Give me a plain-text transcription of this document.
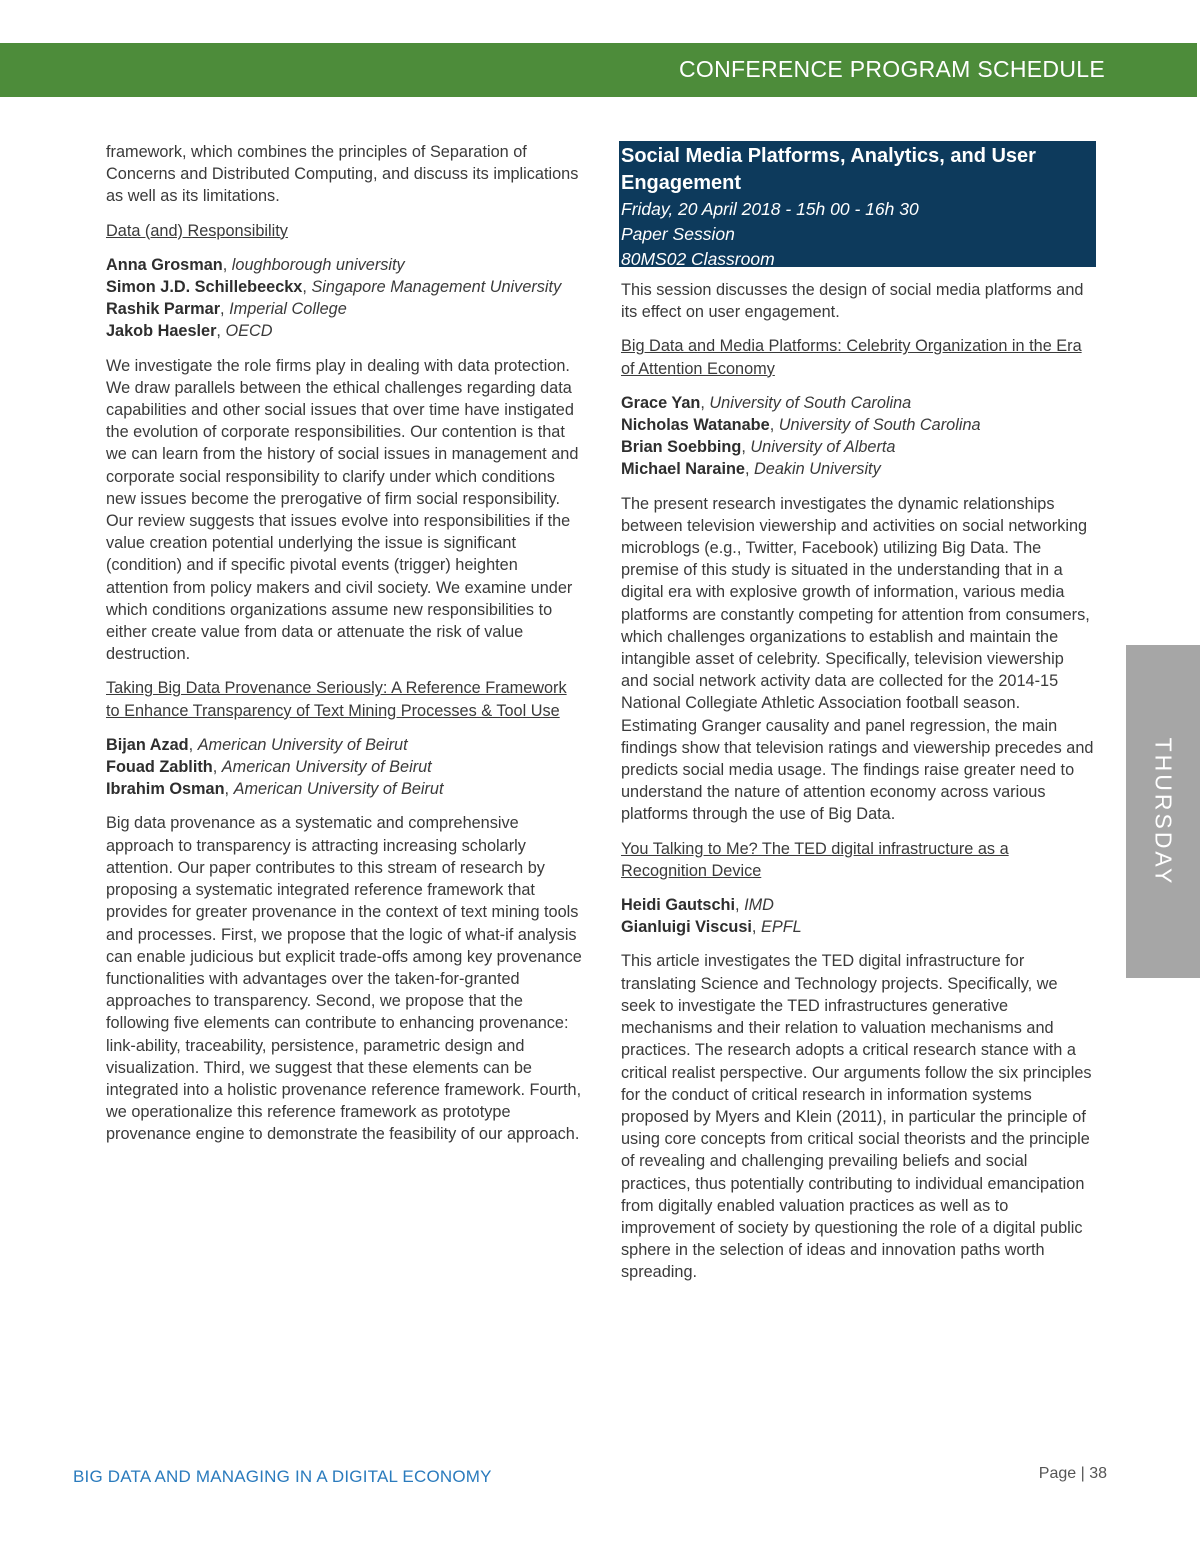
CONFERENCE PROGRAM SCHEDULE

framework, which combines the principles of Separation of Concerns and Distributed Computing, and discuss its implications as well as its limitations.

Data (and) Responsibility
Anna Grosman, loughborough university
Simon J.D. Schillebeeckx, Singapore Management University
Rashik Parmar, Imperial College
Jakob Haesler, OECD

We investigate the role firms play in dealing with data protection. We draw parallels between the ethical challenges regarding data capabilities and other social issues that over time have instigated the evolution of corporate responsibilities. Our contention is that we can learn from the history of social issues in management and corporate social responsibility to clarify under which conditions new issues become the prerogative of firm social responsibility. Our review suggests that issues evolve into responsibilities if the value creation potential underlying the issue is significant (condition) and if specific pivotal events (trigger) heighten attention from policy makers and civil society. We examine under which conditions organizations assume new responsibilities to either create value from data or attenuate the risk of value destruction.

Taking Big Data Provenance Seriously: A Reference Framework to Enhance Transparency of Text Mining Processes & Tool Use
Bijan Azad, American University of Beirut
Fouad Zablith, American University of Beirut
Ibrahim Osman, American University of Beirut

Big data provenance as a systematic and comprehensive approach to transparency is attracting increasing scholarly attention. Our paper contributes to this stream of research by proposing a systematic integrated reference framework that provides for greater provenance in the context of text mining tools and processes. First, we propose that the logic of what-if analysis can enable judicious but explicit trade-offs among key provenance functionalities with advantages over the taken-for-granted approaches to transparency. Second, we propose that the following five elements can contribute to enhancing provenance: link-ability, traceability, persistence, parametric design and visualization. Third, we suggest that these elements can be integrated into a holistic provenance reference framework. Fourth, we operationalize this reference framework as prototype provenance engine to demonstrate the feasibility of our approach.

Social Media Platforms, Analytics, and User Engagement
Friday, 20 April 2018 - 15h 00 - 16h 30
Paper Session
80MS02 Classroom

This session discusses the design of social media platforms and its effect on user engagement.

Big Data and Media Platforms: Celebrity Organization in the Era of Attention Economy
Grace Yan, University of South Carolina
Nicholas Watanabe, University of South Carolina
Brian Soebbing, University of Alberta
Michael Naraine, Deakin University

The present research investigates the dynamic relationships between television viewership and activities on social networking microblogs (e.g., Twitter, Facebook) utilizing Big Data. The premise of this study is situated in the understanding that in a digital era with explosive growth of information, various media platforms are constantly competing for attention from consumers, which challenges organizations to establish and maintain the intangible asset of celebrity. Specifically, television viewership and social network activity data are collected for the 2014-15 National Collegiate Athletic Association football season. Estimating Granger causality and panel regression, the main findings show that television ratings and viewership precedes and predicts social media usage. The findings raise greater need to understand the nature of attention economy across various platforms through the use of Big Data.

You Talking to Me? The TED digital infrastructure as a Recognition Device
Heidi Gautschi, IMD
Gianluigi Viscusi, EPFL

This article investigates the TED digital infrastructure for translating Science and Technology projects. Specifically, we seek to investigate the TED infrastructures generative mechanisms and their relation to valuation mechanisms and practices. The research adopts a critical research stance with a critical realist perspective. Our arguments follow the six principles for the conduct of critical research in information systems proposed by Myers and Klein (2011), in particular the principle of using core concepts from critical social theorists and the principle of revealing and challenging prevailing beliefs and social practices, thus potentially contributing to individual emancipation from digitally enabled valuation practices as well as to improvement of society by questioning the role of a digital public sphere in the selection of ideas and innovation paths worth spreading.

THURSDAY
BIG DATA AND MANAGING IN A DIGITAL ECONOMY	Page | 38
